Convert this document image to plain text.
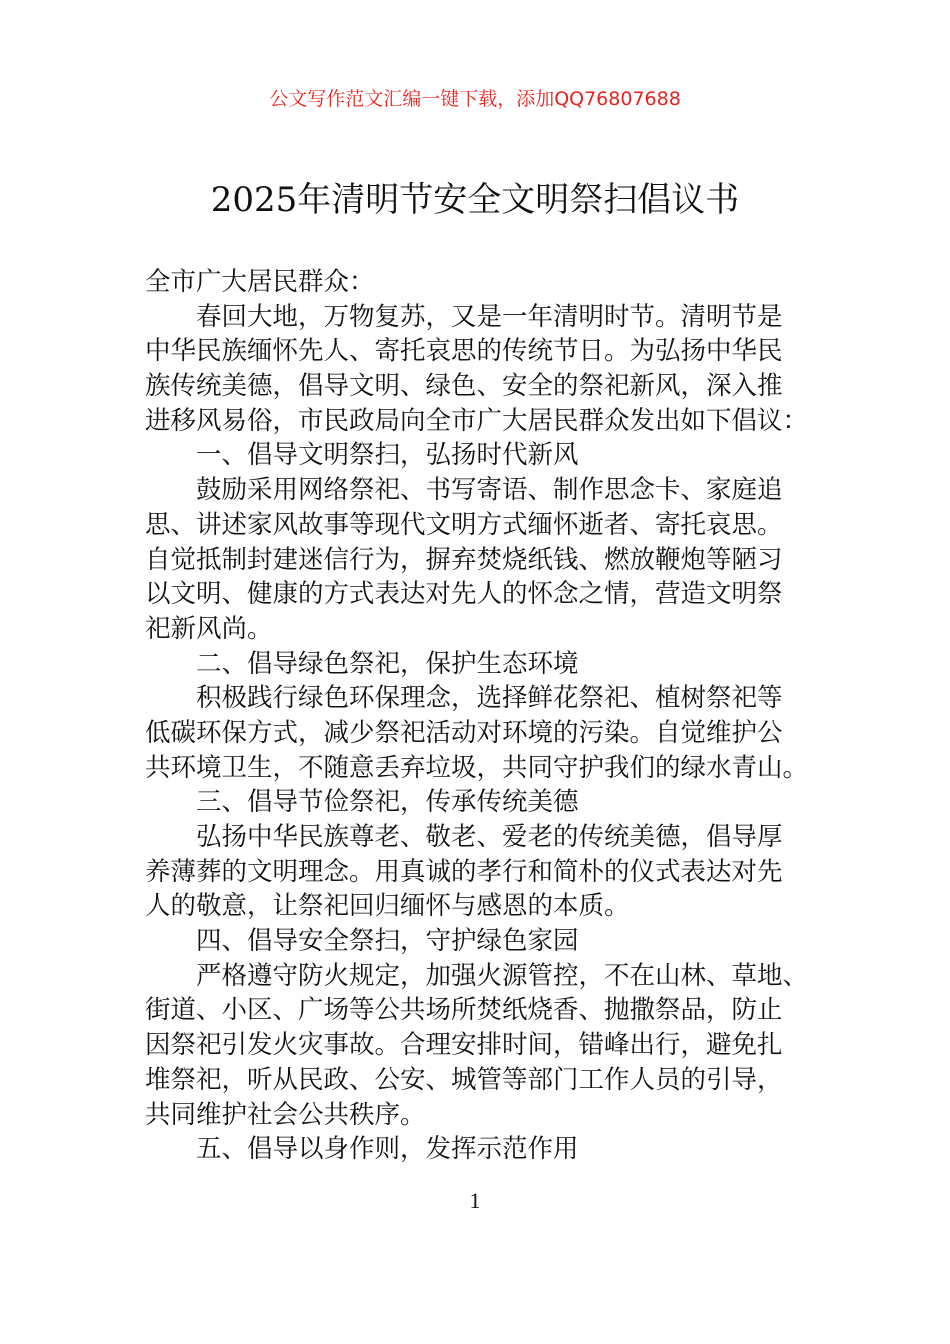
公文写作范文汇编一键下载，添加QQ76807688
2025年清明节安全文明祭扫倡议书
全市广大居民群众：
春回大地，万物复苏，又是一年清明时节。清明节是
中华民族缅怀先人、寄托哀思的传统节日。为弘扬中华民
族传统美德，倡导文明、绿色、安全的祭祀新风，深入推
进移风易俗，市民政局向全市广大居民群众发出如下倡议：
一、倡导文明祭扫，弘扬时代新风
鼓励采用网络祭祀、书写寄语、制作思念卡、家庭追
思、讲述家风故事等现代文明方式缅怀逝者、寄托哀思。
自觉抵制封建迷信行为，摒弃焚烧纸钱、燃放鞭炮等陋习
以文明、健康的方式表达对先人的怀念之情，营造文明祭
祀新风尚。
二、倡导绿色祭祀，保护生态环境
积极践行绿色环保理念，选择鲜花祭祀、植树祭祀等
低碳环保方式，减少祭祀活动对环境的污染。自觉维护公
共环境卫生，不随意丢弃垃圾，共同守护我们的绿水青山。
三、倡导节俭祭祀，传承传统美德
弘扬中华民族尊老、敬老、爱老的传统美德，倡导厚
养薄葬的文明理念。用真诚的孝行和简朴的仪式表达对先
人的敬意，让祭祀回归缅怀与感恩的本质。
四、倡导安全祭扫，守护绿色家园
严格遵守防火规定，加强火源管控，不在山林、草地、
街道、小区、广场等公共场所焚纸烧香、抛撒祭品，防止
因祭祀引发火灾事故。合理安排时间，错峰出行，避免扎
堆祭祀，听从民政、公安、城管等部门工作人员的引导，
共同维护社会公共秩序。
五、倡导以身作则，发挥示范作用
1
